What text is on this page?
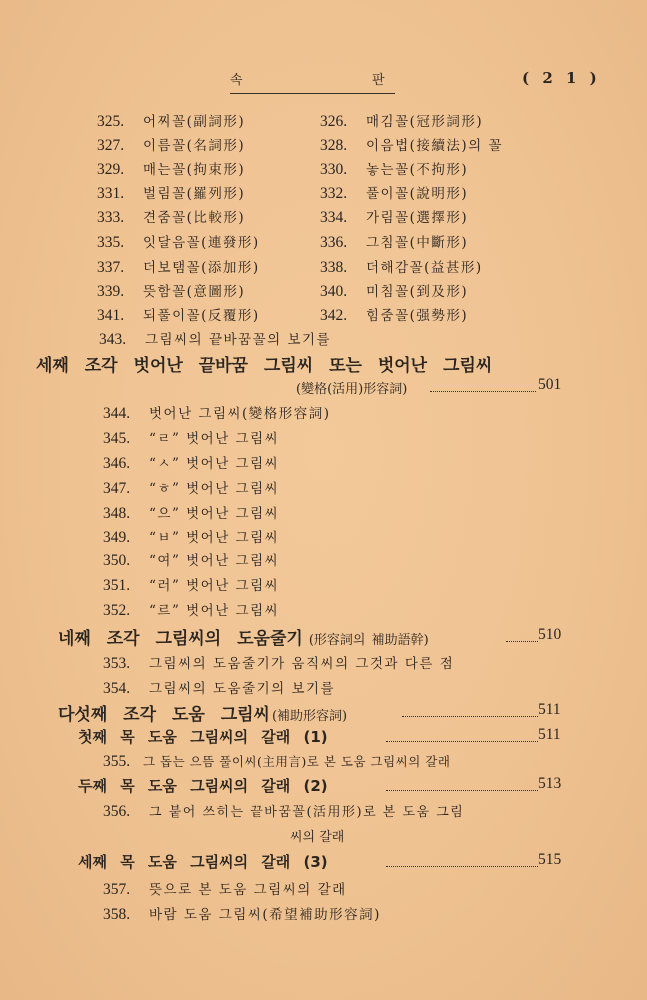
속	판	( 2 1 )
325. 어찌꼴(副詞形)	326. 매김꼴(冠形詞形)
327. 이름꼴(名詞形)	328. 이음법(接續法)의 꼴
329. 매는꼴(拘束形)	330. 놓는꼴(不拘形)
331. 벌림꼴(羅列形)	332. 풀이꼴(說明形)
333. 견줌꼴(比較形)	334. 가림꼴(選擇形)
335. 잇달음꼴(連發形)	336. 그침꼴(中斷形)
337. 더보탬꼴(添加形)	338. 더해감꼴(益甚形)
339. 뜻함꼴(意圖形)	340. 미침꼴(到及形)
341. 되풀이꼴(反覆形)	342. 힘줌꼴(强勢形)
343. 그림씨의 끝바꿈꼴의 보기를
세째 조각 벗어난 끝바꿈 그림씨 또는 벗어난 그림씨
(變格(活用)形容詞)	501
344. 벗어난 그림씨(變格形容詞)
345. “ㄹ” 벗어난 그림씨
346. “ㅅ” 벗어난 그림씨
347. “ㅎ” 벗어난 그림씨
348. “으” 벗어난 그림씨
349. “ㅂ” 벗어난 그림씨
350. “여” 벗어난 그림씨
351. “러” 벗어난 그림씨
352. “르” 벗어난 그림씨
네째 조각 그림씨의 도움줄기 (形容詞의 補助語幹)	510
353. 그림씨의 도움줄기가 움직씨의 그것과 다른 점
354. 그림씨의 도움줄기의 보기를
다섯째 조각 도움 그림씨 (補助形容詞)	511
첫째 목 도움 그림씨의 갈래 (1)	511
355. 그 돕는 으뜸 풀이씨(主用言)로 본 도움 그림씨의 갈래
두째 목 도움 그림씨의 갈래 (2)	513
356. 그 붙어 쓰히는 끝바꿈꼴(活用形)로 본 도움 그림
씨의 갈래
세째 목 도움 그림씨의 갈래 (3)	515
357. 뜻으로 본 도움 그림씨의 갈래
358. 바람 도움 그림씨(希望補助形容詞)
